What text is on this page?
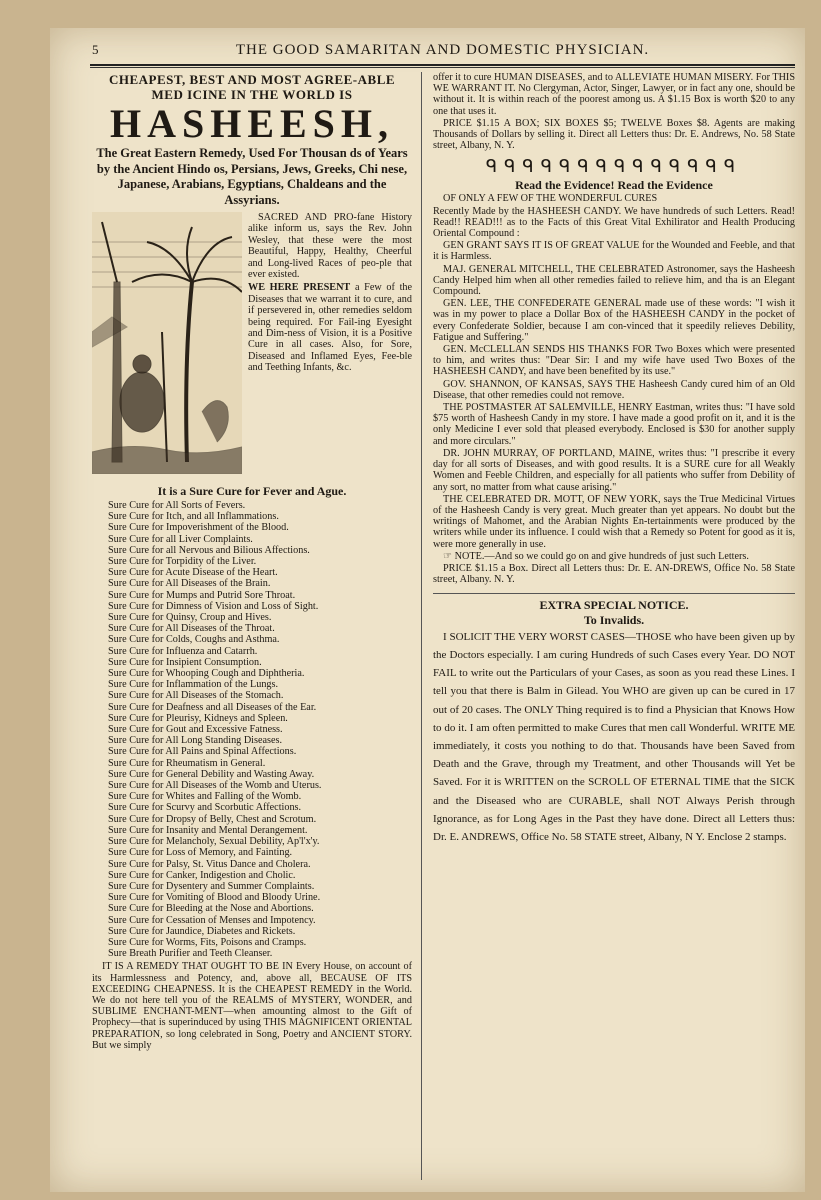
5	THE GOOD SAMARITAN AND DOMESTIC PHYSICIAN.
CHEAPEST, BEST AND MOST AGREE-ABLE MED ICINE IN THE WORLD IS
HASHEESH,
The Great Eastern Remedy, Used For Thousan ds of Years by the Ancient Hindo os, Persians, Jews, Greeks, Chi nese, Japanese, Arabians, Egyptians, Chaldeans and the Assyrians.

SACRED AND PRO-fane History alike inform us, says the Rev. John Wesley, that these were the most Beautiful, Happy, Healthy, Cheerful and Long-lived Races of peo-ple that ever existed.

WE HERE PRESENT a Few of the Diseases that we warrant it to cure, and if persevered in, other remedies seldom being required. For Fail-ing Eyesight and Dim-ness of Vision, it is a Positive Cure in all cases. Also, for Sore, Diseased and Inflamed Eyes, Fee-ble and Teething Infants, &c.

It is a Sure Cure for Fever and Ague.
Sure Cure for All Sorts of Fevers.
Sure Cure for Itch, and all Inflammations.
Sure Cure for Impoverishment of the Blood.
Sure Cure for all Liver Complaints.
Sure Cure for all Nervous and Bilious Affections.
Sure Cure for Torpidity of the Liver.
Sure Cure for Acute Disease of the Heart.
Sure Cure for All Diseases of the Brain.
Sure Cure for Mumps and Putrid Sore Throat.
Sure Cure for Dimness of Vision and Loss of Sight.
Sure Cure for Quinsy, Croup and Hives.
Sure Cure for All Diseases of the Throat.
Sure Cure for Colds, Coughs and Asthma.
Sure Cure for Influenza and Catarrh.
Sure Cure for Insipient Consumption.
Sure Cure for Whooping Cough and Diphtheria.
Sure Cure for Inflammation of the Lungs.
Sure Cure for All Diseases of the Stomach.
Sure Cure for Deafness and all Diseases of the Ear.
Sure Cure for Pleurisy, Kidneys and Spleen.
Sure Cure for Gout and Excessive Fatness.
Sure Cure for All Long Standing Diseases.
Sure Cure for All Pains and Spinal Affections.
Sure Cure for Rheumatism in General.
Sure Cure for General Debility and Wasting Away.
Sure Cure for All Diseases of the Womb and Uterus.
Sure Cure for Whites and Falling of the Womb.
Sure Cure for Scurvy and Scorbutic Affections.
Sure Cure for Dropsy of Belly, Chest and Scrotum.
Sure Cure for Insanity and Mental Derangement.
Sure Cure for Melancholy, Sexual Debility, Ap'l'x'y.
Sure Cure for Loss of Memory, and Fainting.
Sure Cure for Palsy, St. Vitus Dance and Cholera.
Sure Cure for Canker, Indigestion and Cholic.
Sure Cure for Dysentery and Summer Complaints.
Sure Cure for Vomiting of Blood and Bloody Urine.
Sure Cure for Bleeding at the Nose and Abortions.
Sure Cure for Cessation of Menses and Impotency.
Sure Cure for Jaundice, Diabetes and Rickets.
Sure Cure for Worms, Fits, Poisons and Cramps.
Sure Breath Purifier and Teeth Cleanser.

IT IS A REMEDY THAT OUGHT TO BE IN Every House, on account of its Harmlessness and Potency, and, above all, BECAUSE OF ITS EXCEEDING CHEAPNESS. It is the CHEAPEST REMEDY in the World. We do not here tell you of the REALMS of MYSTERY, WONDER, and SUBLIME ENCHANT-MENT—when amounting almost to the Gift of Prophecy—that is superinduced by using THIS MAGNIFICENT ORIENTAL PREPARATION, so long celebrated in Song, Poetry and ANCIENT STORY. But we simply

offer it to cure HUMAN DISEASES, and to ALLEVIATE HUMAN MISERY. For THIS WE WARRANT IT. No Clergyman, Actor, Singer, Lawyer, or in fact any one, should be without it. It is within reach of the poorest among us. A $1.15 Box is worth $20 to any one that uses it.

PRICE $1.15 A BOX; SIX BOXES $5; TWELVE Boxes $8. Agents are making Thousands of Dollars by selling it. Direct all Letters thus: Dr. E. Andrews, No. 58 State street, Albany, N. Y.

ᑫᑫᑫᑫᑫᑫᑫᑫᑫᑫᑫᑫᑫᑫ
Read the Evidence! Read the Evidence

OF ONLY A FEW OF THE WONDERFUL CURES

Recently Made by the HASHEESH CANDY. We have hundreds of such Letters. Read! Read!! READ!!! as to the Facts of this Great Vital Exhilirator and Health Producing Oriental Compound :

GEN GRANT SAYS IT IS OF GREAT VALUE for the Wounded and Feeble, and that it is Harmless.

MAJ. GENERAL MITCHELL, THE CELEBRATED Astronomer, says the Hasheesh Candy Helped him when all other remedies failed to relieve him, and tha is an Elegant Compound.

GEN. LEE, THE CONFEDERATE GENERAL made use of these words: "I wish it was in my power to place a Dollar Box of the HASHEESH CANDY in the pocket of every Confederate Soldier, because I am con-vinced that it speedily relieves Debility, Fatigue and Suffering."

GEN. McCLELLAN SENDS HIS THANKS FOR Two Boxes which were presented to him, and writes thus: "Dear Sir: I and my wife have used Two Boxes of the HASHEESH CANDY, and have been benefited by its use."

GOV. SHANNON, OF KANSAS, SAYS THE Hasheesh Candy cured him of an Old Disease, that other remedies could not remove.

THE POSTMASTER AT SALEMVILLE, HENRY Eastman, writes thus: "I have sold $75 worth of Hasheesh Candy in my store. I have made a good profit on it, and it is the only Medicine I ever sold that pleased everybody. Enclosed is $30 for another supply and more circulars."

DR. JOHN MURRAY, OF PORTLAND, MAINE, writes thus: "I prescribe it every day for all sorts of Diseases, and with good results. It is a SURE cure for all Weakly Women and Feeble Children, and especially for all patients who suffer from Debility of any sort, no matter from what cause arising."

THE CELEBRATED DR. MOTT, OF NEW YORK, says the True Medicinal Virtues of the Hasheesh Candy is very great. Much greater than yet appears. No doubt but the writings of Mahomet, and the Arabian Nights En-tertainments were produced by the writers while under its influence. I could wish that a Remedy so Potent for good as it is, were more generally in use.

☞ NOTE.—And so we could go on and give hundreds of just such Letters.

PRICE $1.15 a Box. Direct all Letters thus: Dr. E. AN-DREWS, Office No. 58 State street, Albany. N. Y.

EXTRA SPECIAL NOTICE.
To Invalids.

I SOLICIT THE VERY WORST CASES—THOSE who have been given up by the Doctors especially. I am curing Hundreds of such Cases every Year. DO NOT FAIL to write out the Particulars of your Cases, as soon as you read these Lines. I tell you that there is Balm in Gilead. You WHO are given up can be cured in 17 out of 20 cases. The ONLY Thing required is to find a Physician that Knows How to do it. I am often permitted to make Cures that men call Wonderful. WRITE ME immediately, it costs you nothing to do that. Thousands have been Saved from Death and the Grave, through my Treatment, and other Thousands will Yet be Saved. For it is WRITTEN on the SCROLL OF ETERNAL TIME that the SICK and the Diseased who are CURABLE, shall NOT Always Perish through Ignorance, as for Long Ages in the Past they have done. Direct all Letters thus: Dr. E. ANDREWS, Office No. 58 STATE street, Albany, N Y. Enclose 2 stamps.
